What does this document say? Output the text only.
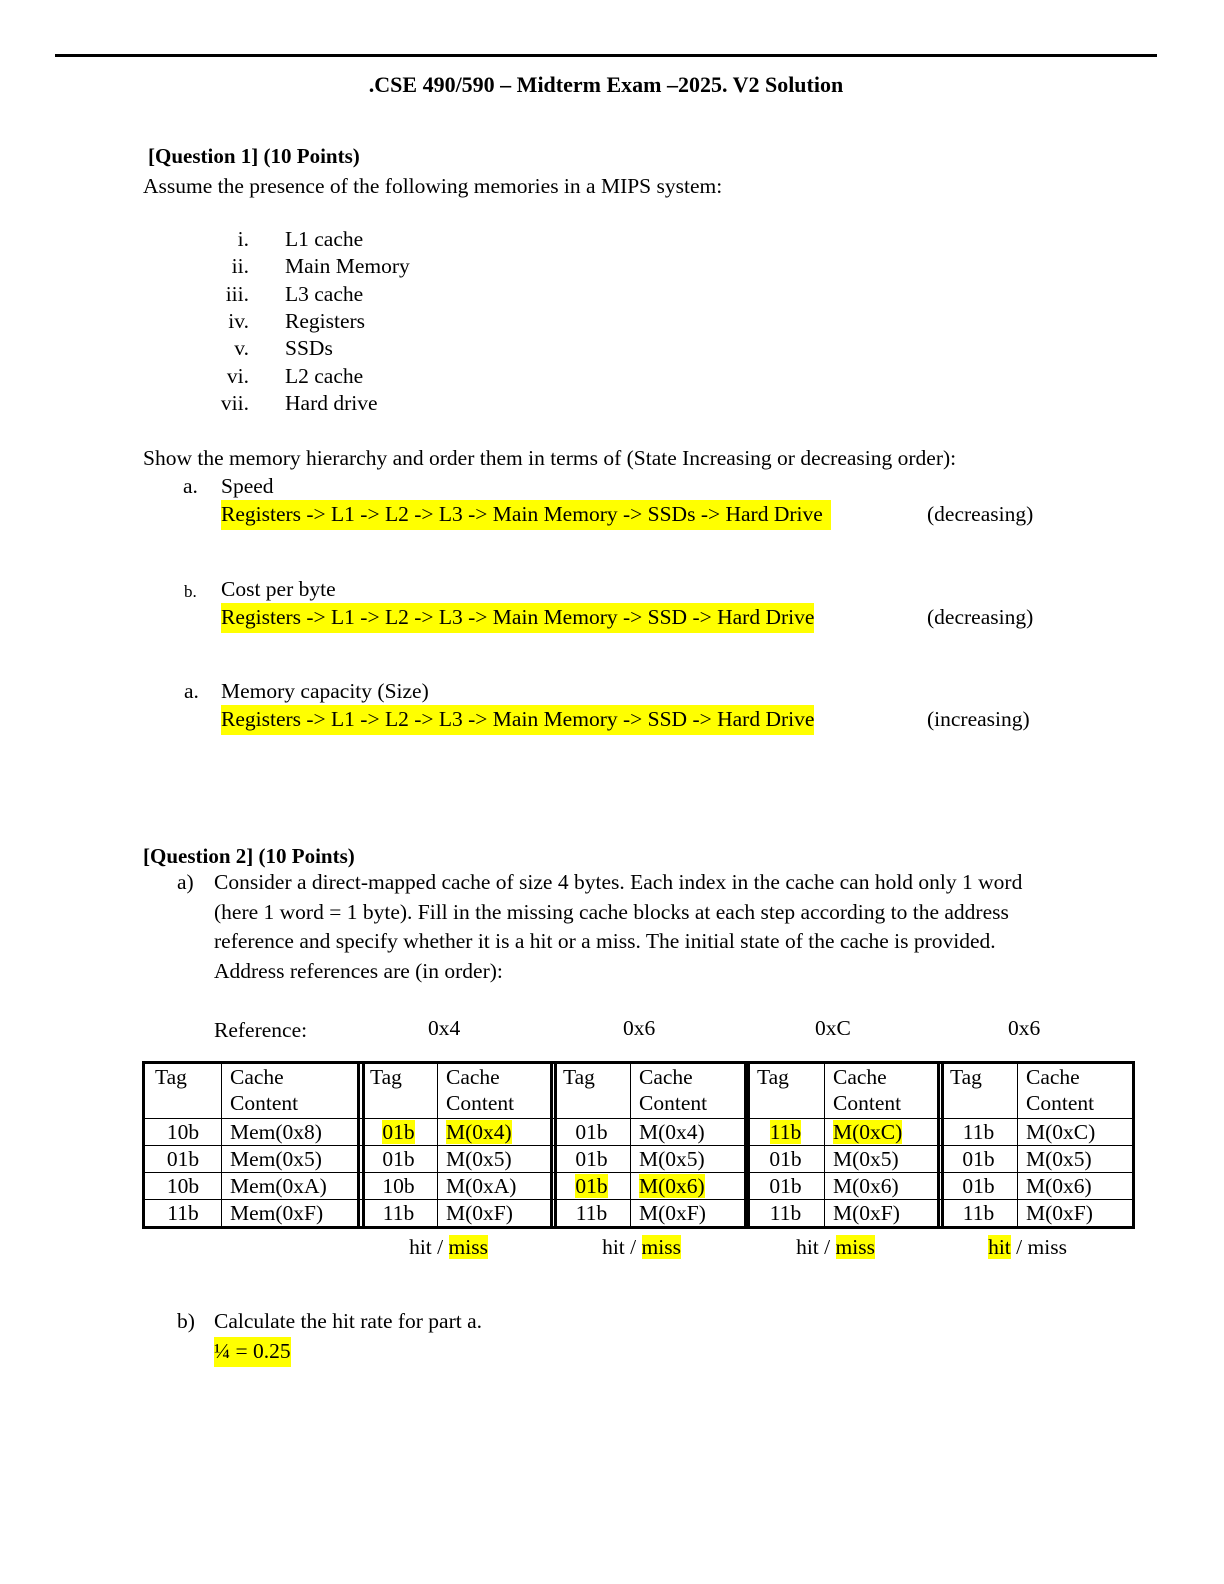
.CSE 490/590 – Midterm Exam –2025. V2 Solution
[Question 1] (10 Points)
Assume the presence of the following memories in a MIPS system:
i. L1 cache
ii. Main Memory
iii. L3 cache
iv. Registers
v. SSDs
vi. L2 cache
vii. Hard drive
Show the memory hierarchy and order them in terms of (State Increasing or decreasing order):
a. Speed
Registers -> L1 -> L2 -> L3 -> Main Memory -> SSDs -> Hard Drive	(decreasing)
b. Cost per byte
Registers -> L1 -> L2 -> L3 -> Main Memory -> SSD -> Hard Drive	(decreasing)
a. Memory capacity (Size)
Registers -> L1 -> L2 -> L3 -> Main Memory -> SSD -> Hard Drive	(increasing)
[Question 2] (10 Points)
a) Consider a direct-mapped cache of size 4 bytes. Each index in the cache can hold only 1 word (here 1 word = 1 byte). Fill in the missing cache blocks at each step according to the address reference and specify whether it is a hit or a miss. The initial state of the cache is provided. Address references are (in order):
Reference:	0x4	0x6	0xC	0x6
Tag	Cache
Content

10b	Mem(0x8)
01b	Mem(0x5)
10b	Mem(0xA)
11b	Mem(0xF)
Tag	Cache
Content

01b	M(0x4)
01b	M(0x5)
10b	M(0xA)
11b	M(0xF)
hit / miss
Tag	Cache
Content

01b	M(0x4)
01b	M(0x5)
01b	M(0x6)
11b	M(0xF)
hit / miss
Tag	Cache
Content

11b	M(0xC)
01b	M(0x5)
01b	M(0x6)
11b	M(0xF)
hit / miss
Tag	Cache
Content

11b	M(0xC)
01b	M(0x5)
01b	M(0x6)
11b	M(0xF)
hit / miss
b) Calculate the hit rate for part a.
¼ = 0.25
